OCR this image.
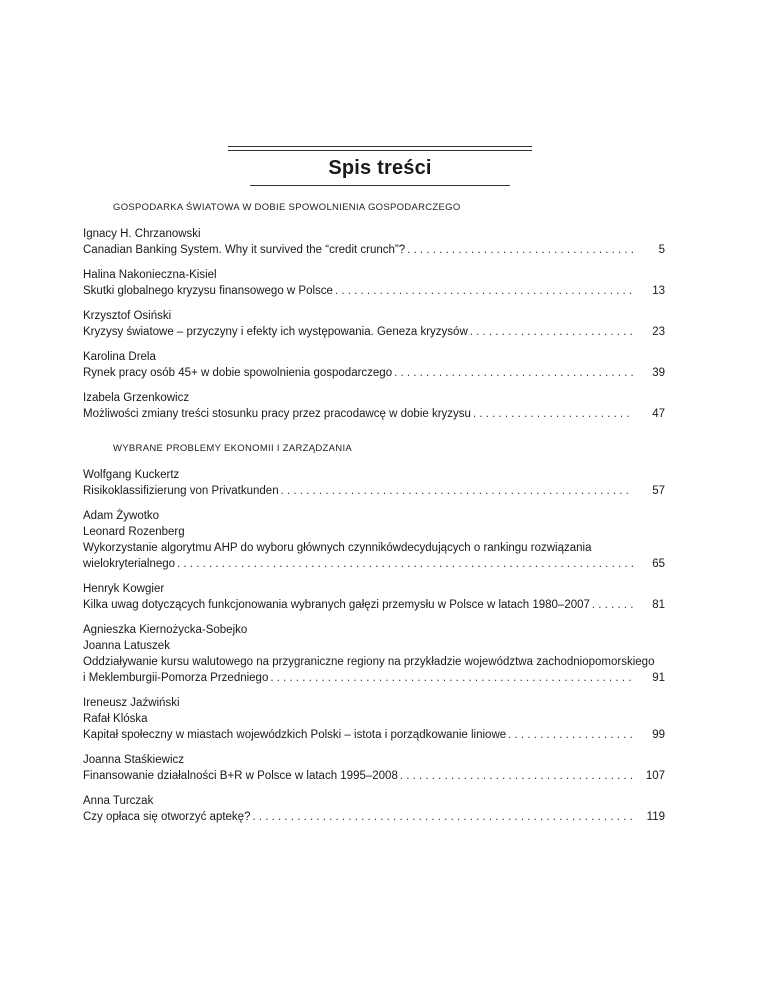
Spis treści
GOSPODARKA ŚWIATOWA W DOBIE SPOWOLNIENIA GOSPODARCZEGO
Ignacy H. Chrzanowski
Canadian Banking System. Why it survived the “credit crunch”? . . .	5
Halina Nakonieczna-Kisiel
Skutki globalnego kryzysu finansowego w Polsce . . .	13
Krzysztof Osiński
Kryzysy światowe – przyczyny i efekty ich występowania. Geneza kryzysów . . .	23
Karolina Drela
Rynek pracy osób 45+ w dobie spowolnienia gospodarczego . . .	39
Izabela Grzenkowicz
Możliwości zmiany treści stosunku pracy przez pracodawcę w dobie kryzysu . . .	47
WYBRANE PROBLEMY EKONOMII I ZARZĄDZANIA
Wolfgang Kuckertz
Risikoklassifizierung von Privatkunden . . .	57
Adam Żywotko
Leonard Rozenberg
Wykorzystanie algorytmu AHP do wyboru głównych czynnikówdecydujących o rankingu rozwiązania
wielokryterialnego . . .	65
Henryk Kowgier
Kilka uwag dotyczących funkcjonowania wybranych gałęzi przemysłu w Polsce w latach 1980–2007 . . .	81
Agnieszka Kiernożycka-Sobejko
Joanna Latuszek
Oddziaływanie kursu walutowego na przygraniczne regiony na przykładzie województwa zachodniopomorskiego
i Meklemburgii-Pomorza Przedniego . . .	91
Ireneusz Jaźwiński
Rafał Klóska
Kapitał społeczny w miastach wojewódzkich Polski – istota i porządkowanie liniowe . . .	99
Joanna Staśkiewicz
Finansowanie działalności B+R w Polsce w latach 1995–2008 . . .	107
Anna Turczak
Czy opłaca się otworzyć aptekę? . . .	119
